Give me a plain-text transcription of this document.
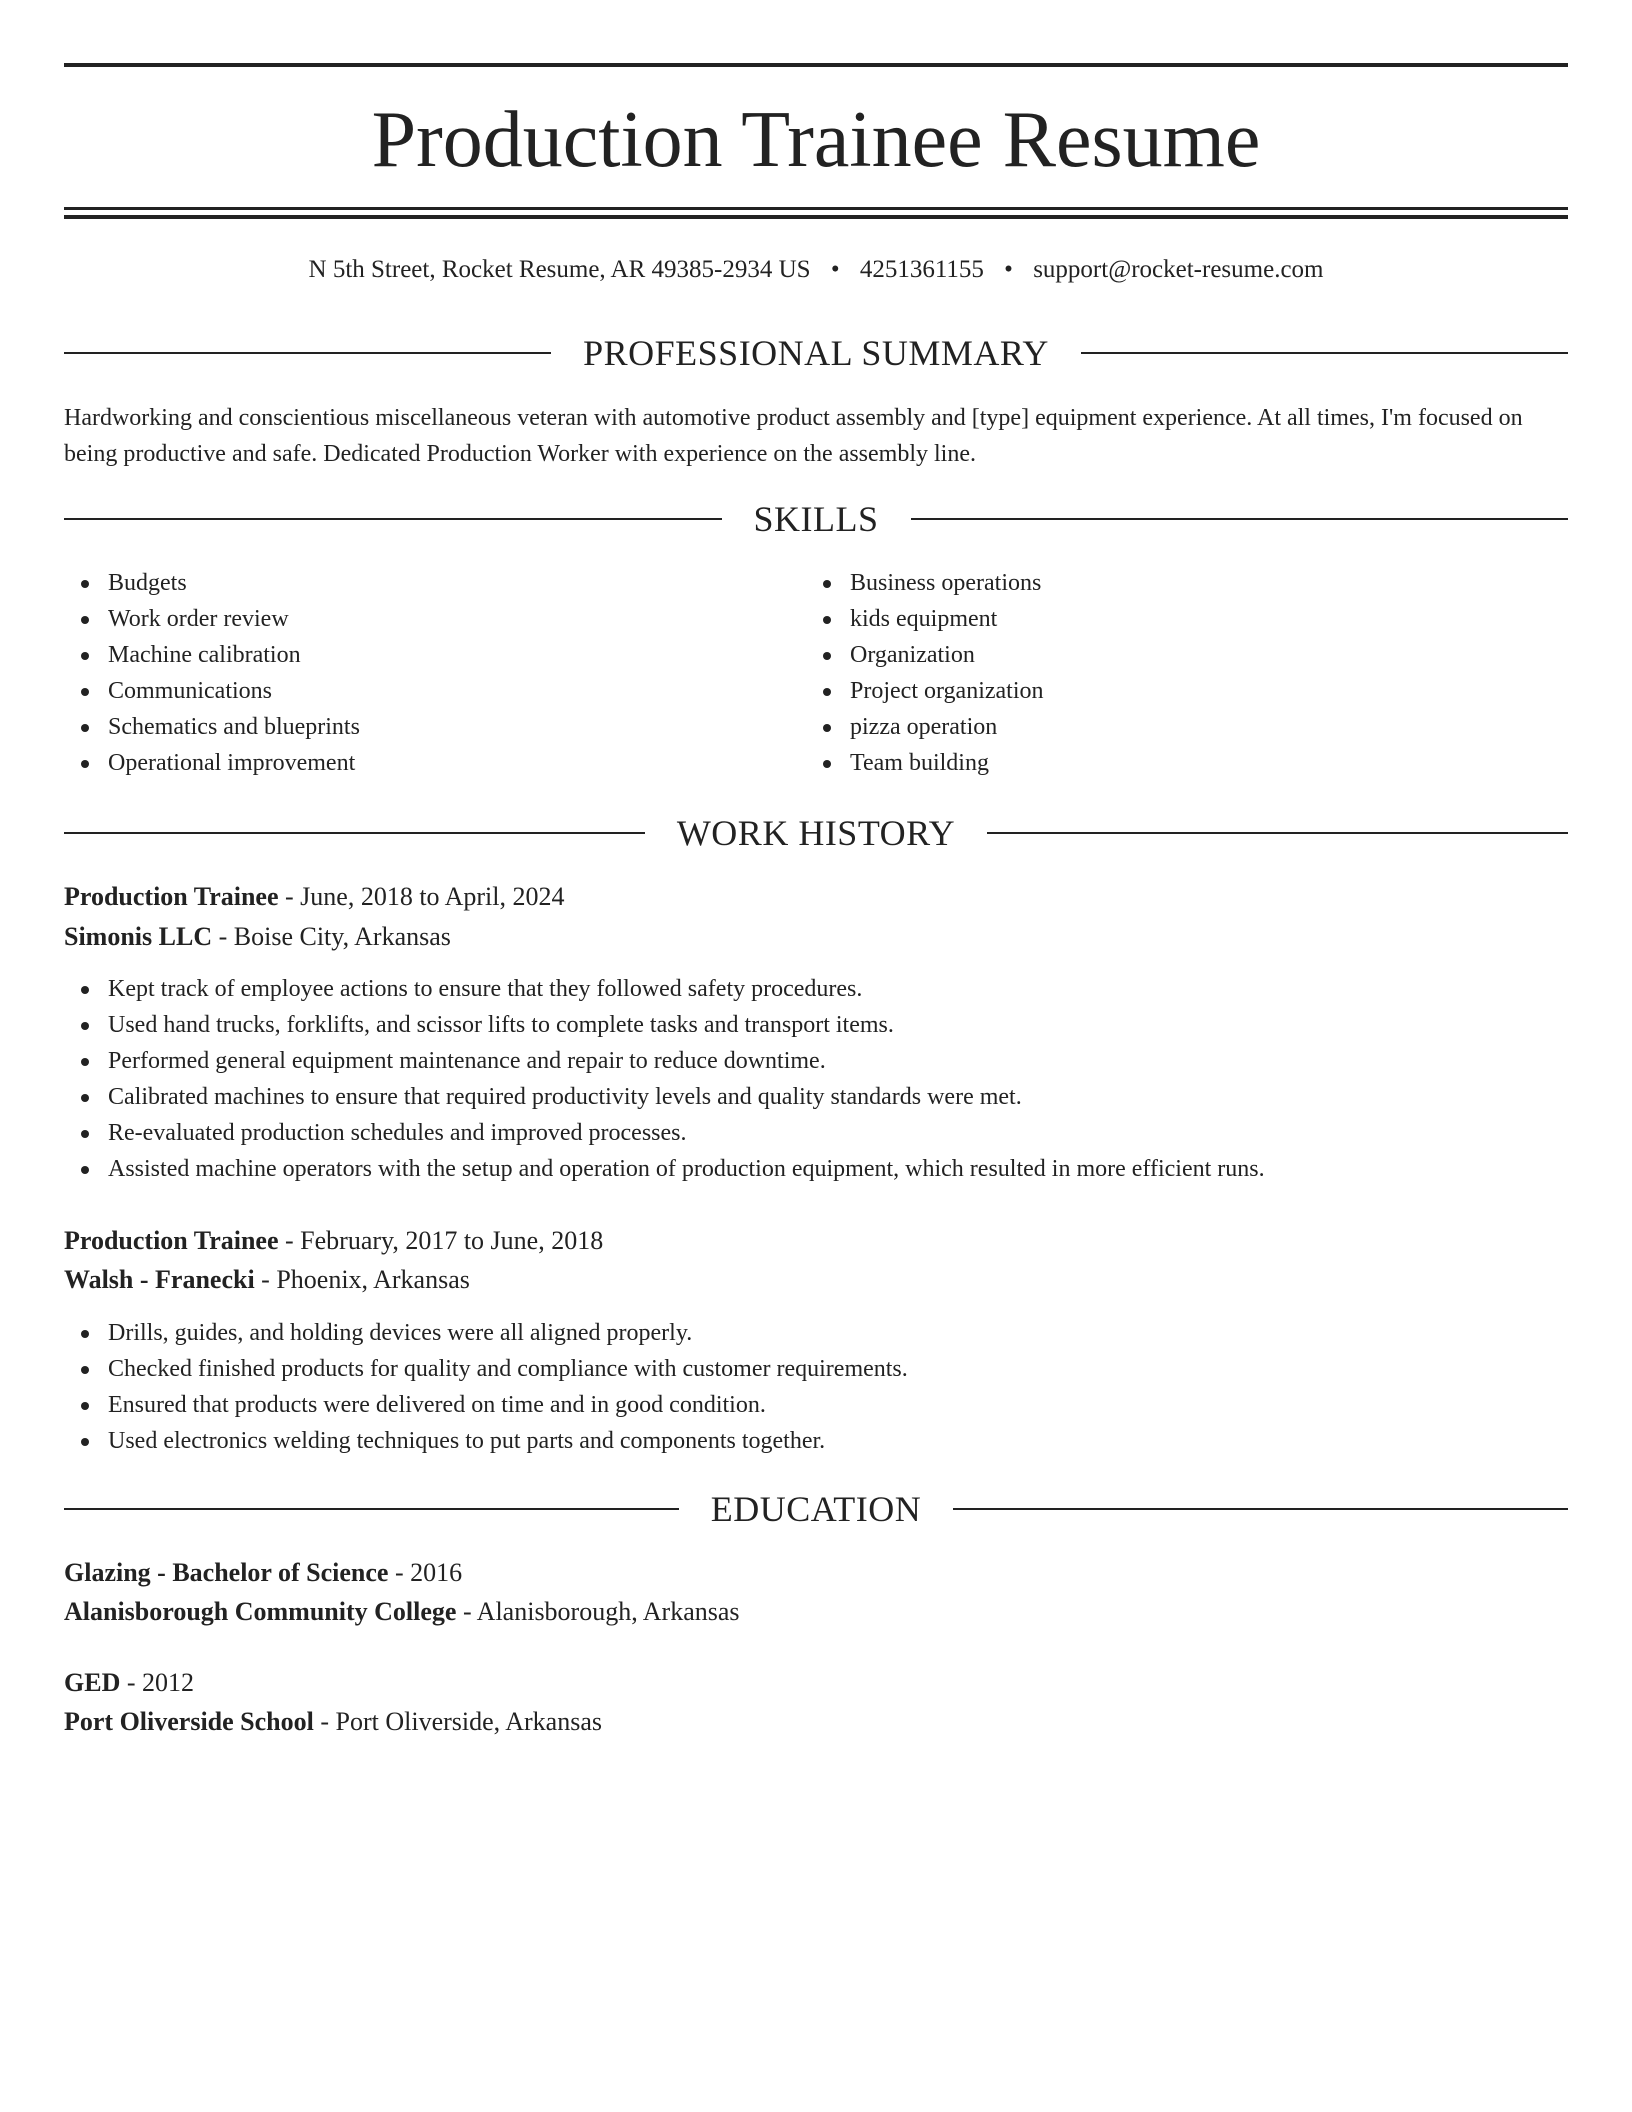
Production Trainee Resume
N 5th Street, Rocket Resume, AR 49385-2934 US • 4251361155 • support@rocket-resume.com
PROFESSIONAL SUMMARY

Hardworking and conscientious miscellaneous veteran with automotive product assembly and [type] equipment experience. At all times, I'm focused on being productive and safe. Dedicated Production Worker with experience on the assembly line.

SKILLS
Budgets
Work order review
Machine calibration
Communications
Schematics and blueprints
Operational improvement
Business operations
kids equipment
Organization
Project organization
pizza operation
Team building
WORK HISTORY
Production Trainee - June, 2018 to April, 2024
Simonis LLC - Boise City, Arkansas
Kept track of employee actions to ensure that they followed safety procedures.
Used hand trucks, forklifts, and scissor lifts to complete tasks and transport items.
Performed general equipment maintenance and repair to reduce downtime.
Calibrated machines to ensure that required productivity levels and quality standards were met.
Re-evaluated production schedules and improved processes.
Assisted machine operators with the setup and operation of production equipment, which resulted in more efficient runs.
Production Trainee - February, 2017 to June, 2018
Walsh - Franecki - Phoenix, Arkansas
Drills, guides, and holding devices were all aligned properly.
Checked finished products for quality and compliance with customer requirements.
Ensured that products were delivered on time and in good condition.
Used electronics welding techniques to put parts and components together.
EDUCATION
Glazing - Bachelor of Science - 2016
Alanisborough Community College - Alanisborough, Arkansas
GED - 2012
Port Oliverside School - Port Oliverside, Arkansas
